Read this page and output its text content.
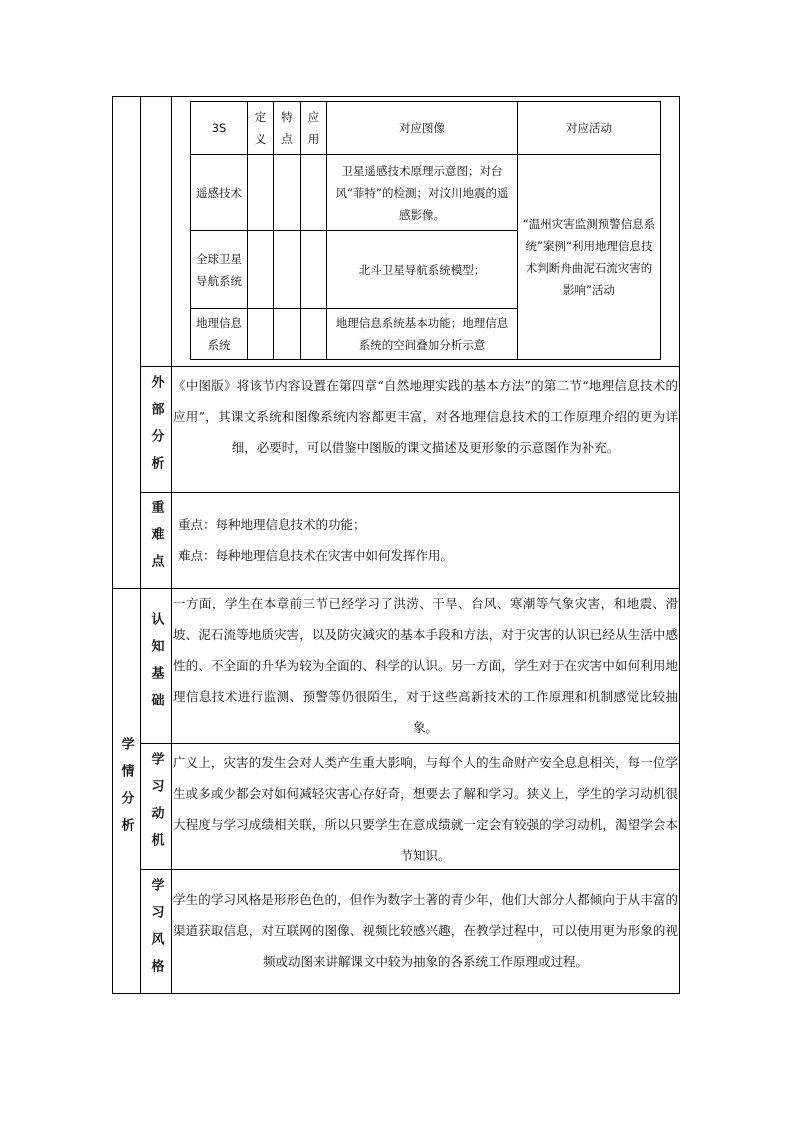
3S	定义	特点	应用	对应图像	对应活动
遥感技术				卫星遥感技术原理示意图；对台风“菲特”的检测；对汶川地震的遥感影像。	“温州灾害监测预警信息系统”案例“利用地理信息技术判断舟曲泥石流灾害的影响”活动
全球卫星导航系统				北斗卫星导航系统模型；	
地理信息系统				地理信息系统基本功能；地理信息系统的空间叠加分析示意	
外部分析 《中图版》将该节内容设置在第四章“自然地理实践的基本方法”的第二节“地理信息技术的应用”，其课文系统和图像系统内容都更丰富，对各地理信息技术的工作原理介绍的更为详细，必要时，可以借鉴中图版的课文描述及更形象的示意图作为补充。

重难点	重点：每种地理信息技术的功能；

难点：每种地理信息技术在灾害中如何发挥作用。

学情分析
认知基础

一方面，学生在本章前三节已经学习了洪涝、干旱、台风、寒潮等气象灾害，和地震、滑坡、泥石流等地质灾害，以及防灾减灾的基本手段和方法，对于灾害的认识已经从生活中感性的、不全面的升华为较为全面的、科学的认识。另一方面，学生对于在灾害中如何利用地理信息技术进行监测、预警等仍很陌生，对于这些高新技术的工作原理和机制感觉比较抽象。

学习动机 广义上，灾害的发生会对人类产生重大影响，与每个人的生命财产安全息息相关，每一位学生或多或少都会对如何减轻灾害心存好奇，想要去了解和学习。狭义上，学生的学习动机很大程度与学习成绩相关联，所以只要学生在意成绩就一定会有较强的学习动机，渴望学会本节知识。

学习风格 学生的学习风格是形形色色的，但作为数字土著的青少年，他们大部分人都倾向于从丰富的渠道获取信息，对互联网的图像、视频比较感兴趣，在教学过程中，可以使用更为形象的视频或动图来讲解课文中较为抽象的各系统工作原理或过程。
